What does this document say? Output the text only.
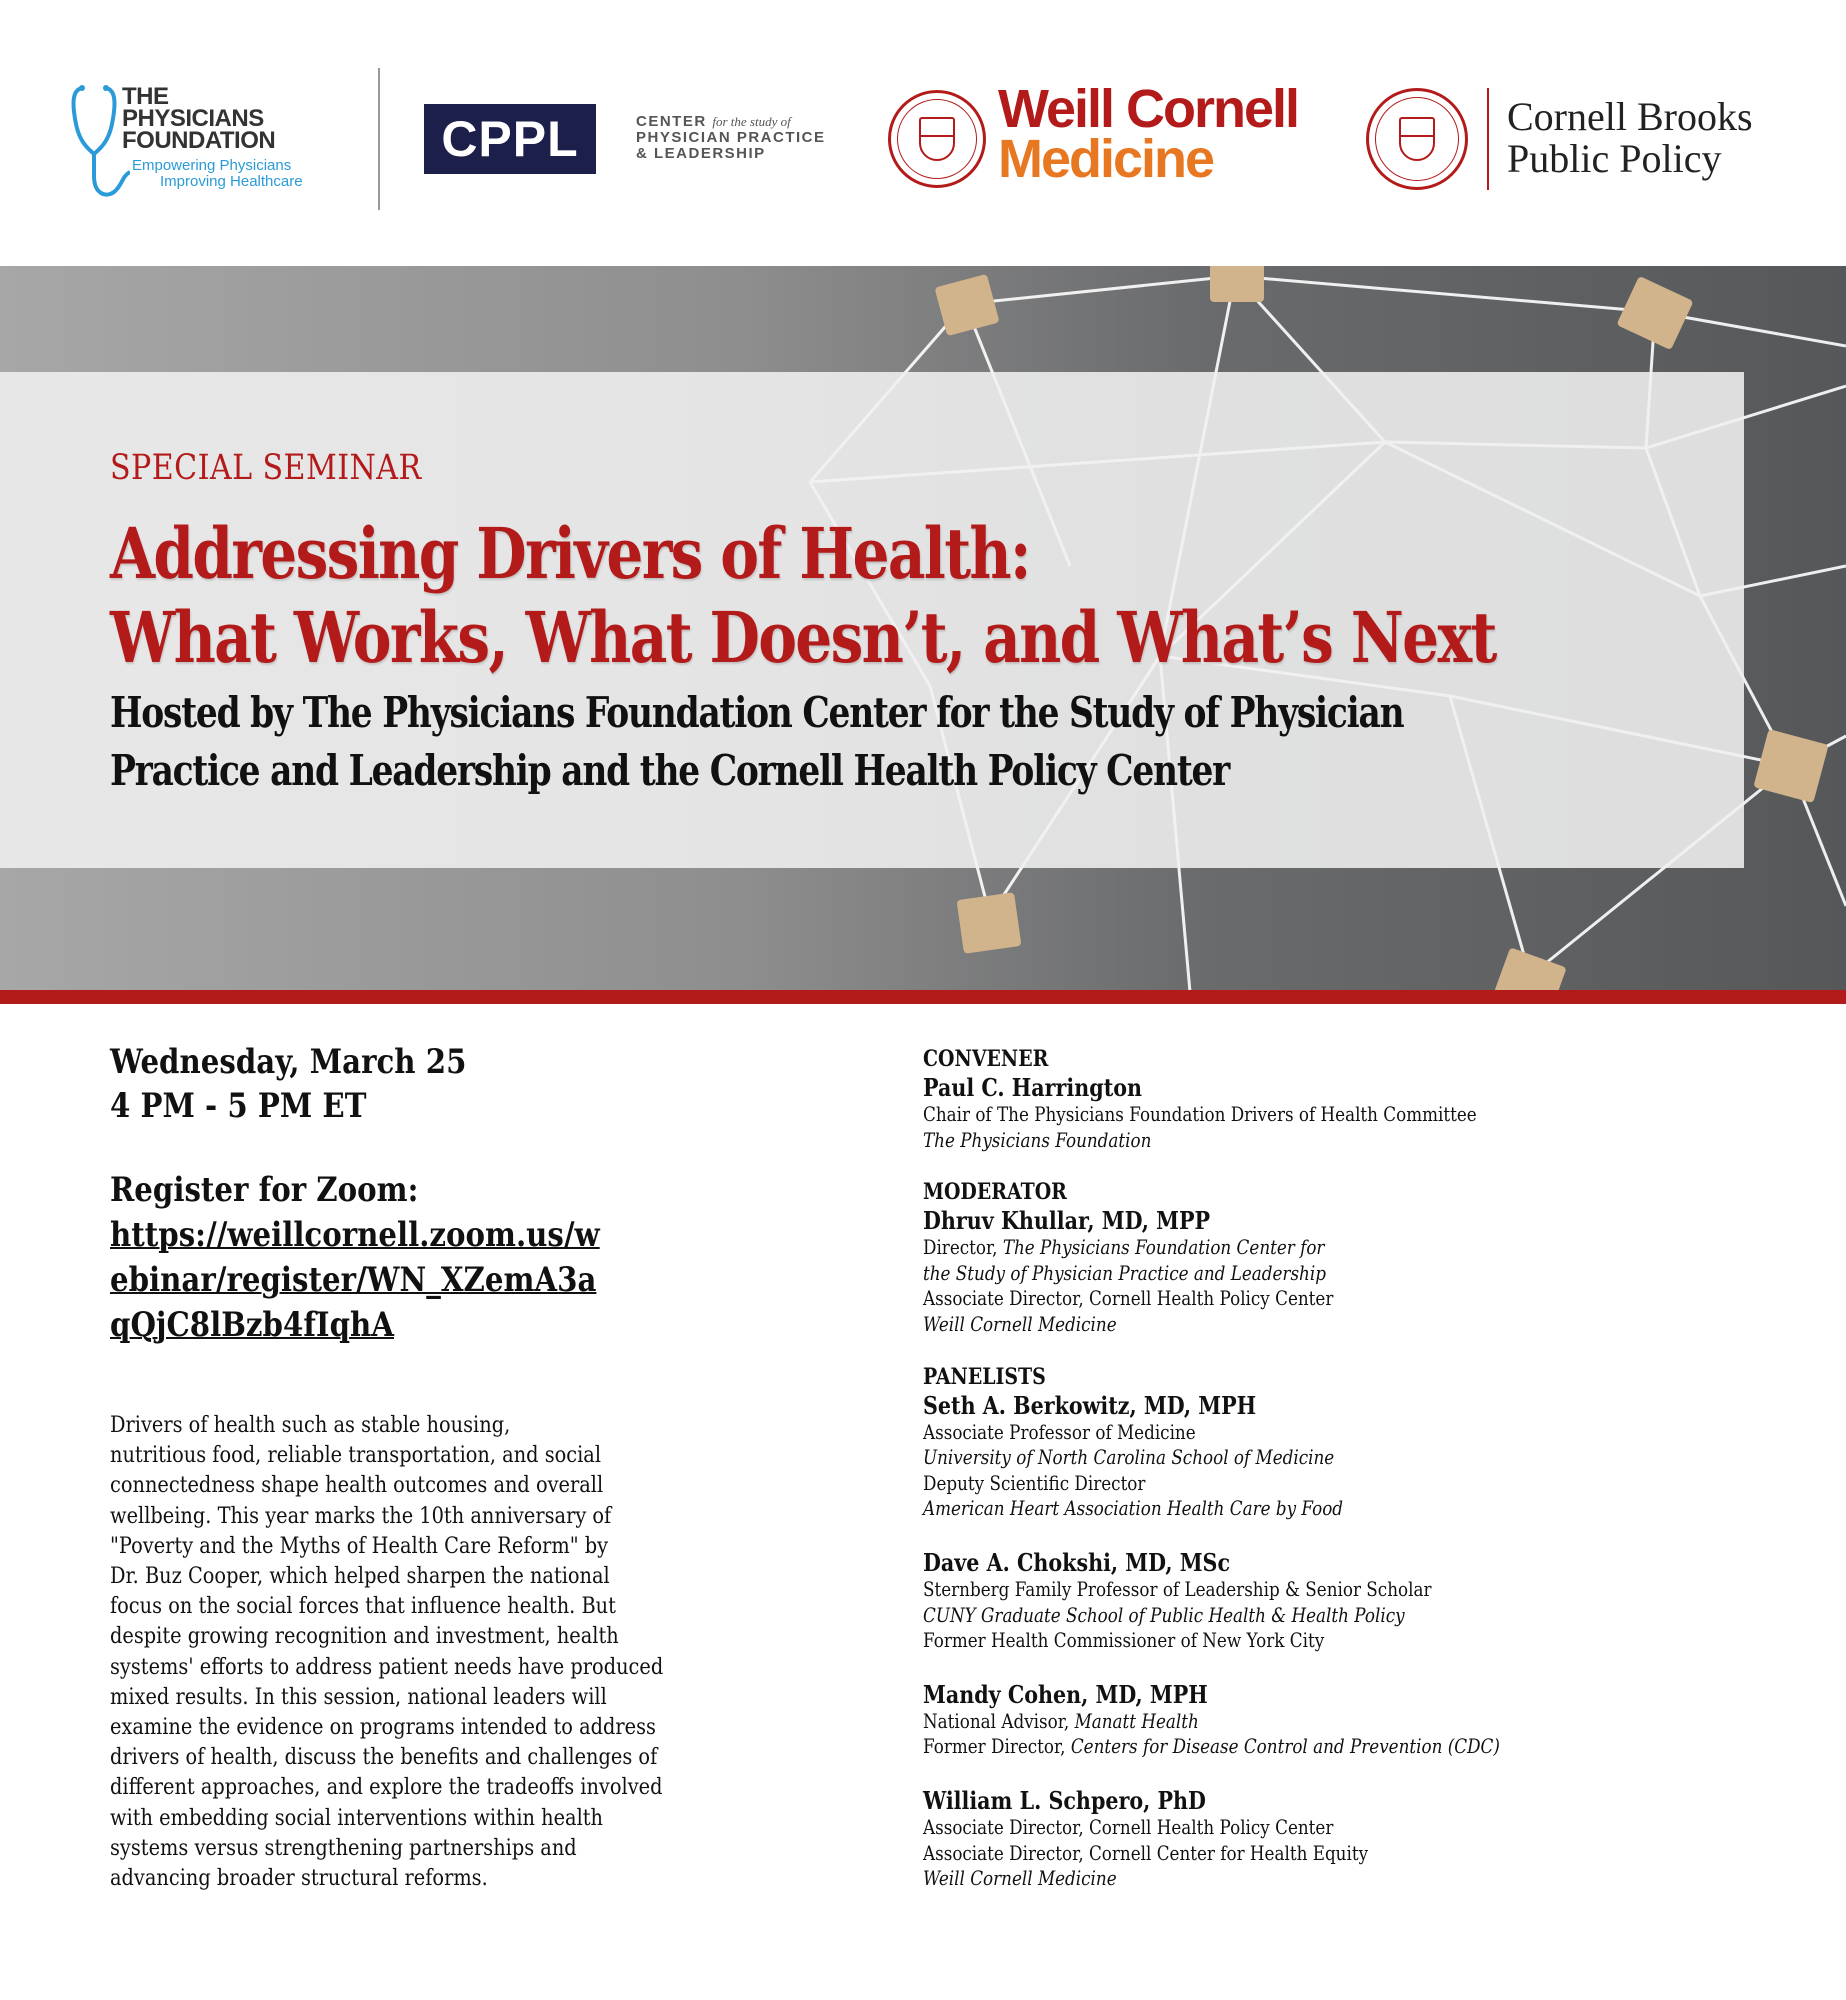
THE
PHYSICIANS
FOUNDATION
Empowering Physicians
Improving Healthcare
CPPL	CENTER for the study of
PHYSICIAN PRACTICE
& LEADERSHIP
Weill Cornell
Medicine
Cornell Brooks
Public Policy
SPECIAL SEMINAR
Addressing Drivers of Health:
What Works, What Doesn’t, and What’s Next
Hosted by The Physicians Foundation Center for the Study of Physician
Practice and Leadership and the Cornell Health Policy Center
Wednesday, March 25
4 PM - 5 PM ET
Register for Zoom:
https://weillcornell.zoom.us/w
ebinar/register/WN_XZemA3a
qQjC8lBzb4fIqhA
Drivers of health such as stable housing,
nutritious food, reliable transportation, and social
connectedness shape health outcomes and overall
wellbeing. This year marks the 10th anniversary of
"Poverty and the Myths of Health Care Reform" by
Dr. Buz Cooper, which helped sharpen the national
focus on the social forces that influence health. But
despite growing recognition and investment, health
systems' efforts to address patient needs have produced
mixed results. In this session, national leaders will
examine the evidence on programs intended to address
drivers of health, discuss the benefits and challenges of
different approaches, and explore the tradeoffs involved
with embedding social interventions within health
systems versus strengthening partnerships and
advancing broader structural reforms.
CONVENER
Paul C. Harrington
Chair of The Physicians Foundation Drivers of Health Committee
The Physicians Foundation
MODERATOR
Dhruv Khullar, MD, MPP
Director, The Physicians Foundation Center for
the Study of Physician Practice and Leadership
Associate Director, Cornell Health Policy Center
Weill Cornell Medicine
PANELISTS
Seth A. Berkowitz, MD, MPH
Associate Professor of Medicine
University of North Carolina School of Medicine
Deputy Scientific Director
American Heart Association Health Care by Food
Dave A. Chokshi, MD, MSc
Sternberg Family Professor of Leadership & Senior Scholar
CUNY Graduate School of Public Health & Health Policy
Former Health Commissioner of New York City
Mandy Cohen, MD, MPH
National Advisor, Manatt Health
Former Director, Centers for Disease Control and Prevention (CDC)
William L. Schpero, PhD
Associate Director, Cornell Health Policy Center
Associate Director, Cornell Center for Health Equity
Weill Cornell Medicine
